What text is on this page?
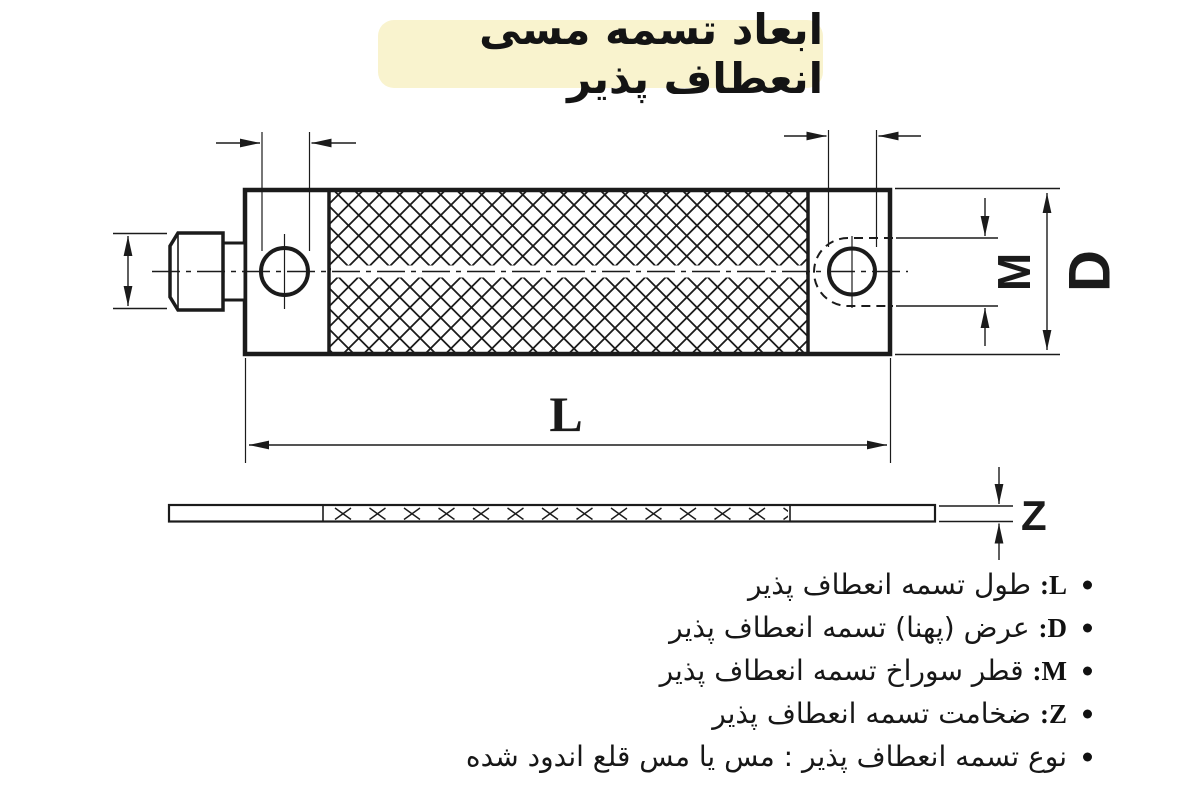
ابعاد تسمه مسی انعطاف پذیر
M D
L
Z
L: طول تسمه انعطاف پذیر
D: عرض (پهنا) تسمه انعطاف پذیر
M: قطر سوراخ تسمه انعطاف پذیر
Z: ضخامت تسمه انعطاف پذیر
نوع تسمه انعطاف پذیر : مس یا مس قلع اندود شده
